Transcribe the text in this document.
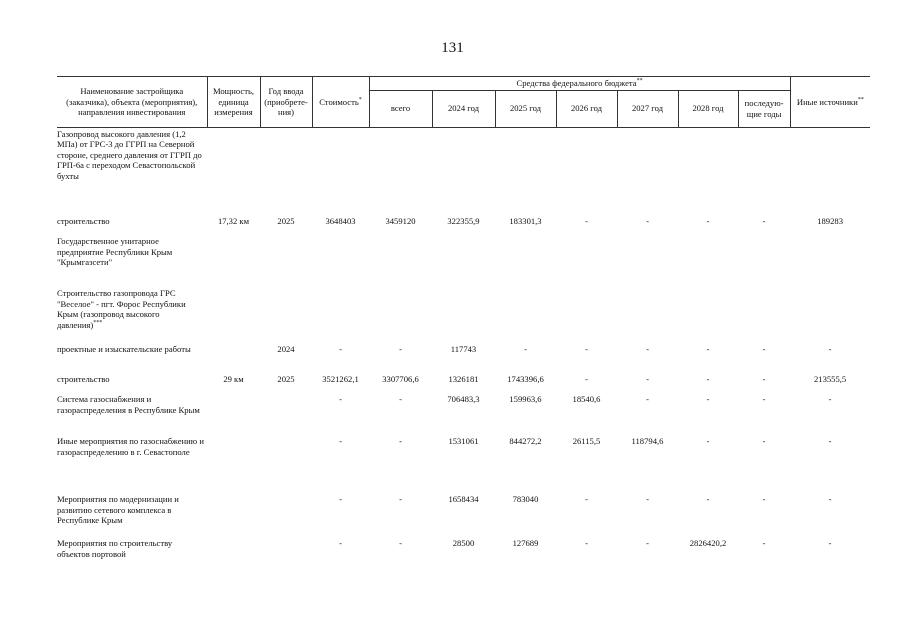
131
Наименование застройщика (заказчика), объекта (мероприятия), направления инвестирования	Мощность, единица измерения	Год ввода (приобрете- ния)	Стоимость*	Средства федерального бюджета**							Иные источники**
				всего	2024 год	2025 год	2026 год	2027 год	2028 год	последую- щие годы	
Газопровод высокого давления (1,2 МПа) от ГРС-3 до ГГРП на Северной стороне, среднего давления от ГГРП до ГРП-6а с переходом Севастопольской бухты											
строительство	17,32 км	2025	3648403	3459120	322355,9	183301,3	-	-	-	-	189283
Государственное унитарное предприятие Республики Крым "Крымгазсети"											
Строительство газопровода ГРС "Веселое" - пгт. Форос Республики Крым (газопровод высокого давления)***											
проектные и изыскательские работы		2024	-	-	117743	-	-	-	-	-	-
строительство	29 км	2025	3521262,1	3307706,6	1326181	1743396,6	-	-	-	-	213555,5
Система газоснабжения и газораспределения в Республике Крым			-	-	706483,3	159963,6	18540,6	-	-	-	-
Иные мероприятия по газоснабжению и газораспределению в г. Севастополе			-	-	1531061	844272,2	26115,5	118794,6	-	-	-
Мероприятия по модернизации и развитию сетевого комплекса в Республике Крым			-	-	1658434	783040	-	-	-	-	-
Мероприятия по строительству объектов портовой			-	-	28500	127689	-	-	2826420,2	-	-
